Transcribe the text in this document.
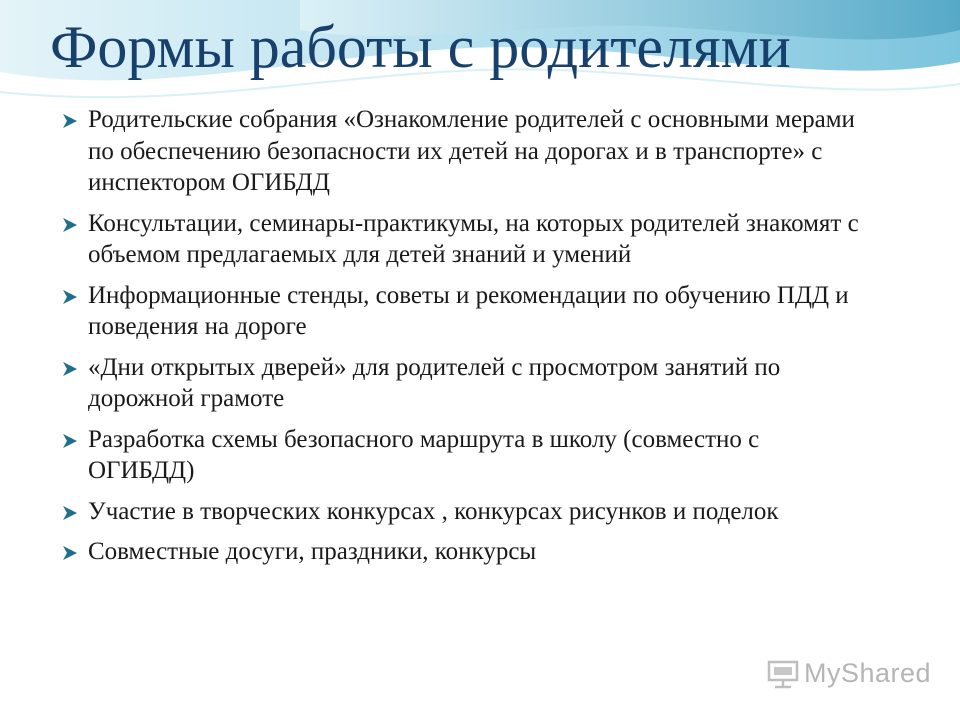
Формы работы с родителями
Родительские собрания «Ознакомление родителей с основными мерами по обеспечению безопасности их детей на дорогах и в транспорте» с инспектором ОГИБДД
Консультации, семинары-практикумы, на которых родителей знакомят с объемом предлагаемых для детей знаний и умений
Информационные стенды, советы и рекомендации по обучению ПДД и поведения на дороге
«Дни открытых дверей» для родителей с просмотром занятий по дорожной грамоте
Разработка схемы безопасного маршрута в школу (совместно с ОГИБДД)
Участие в творческих конкурсах , конкурсах рисунков и поделок
Совместные досуги, праздники, конкурсы
MyShared
